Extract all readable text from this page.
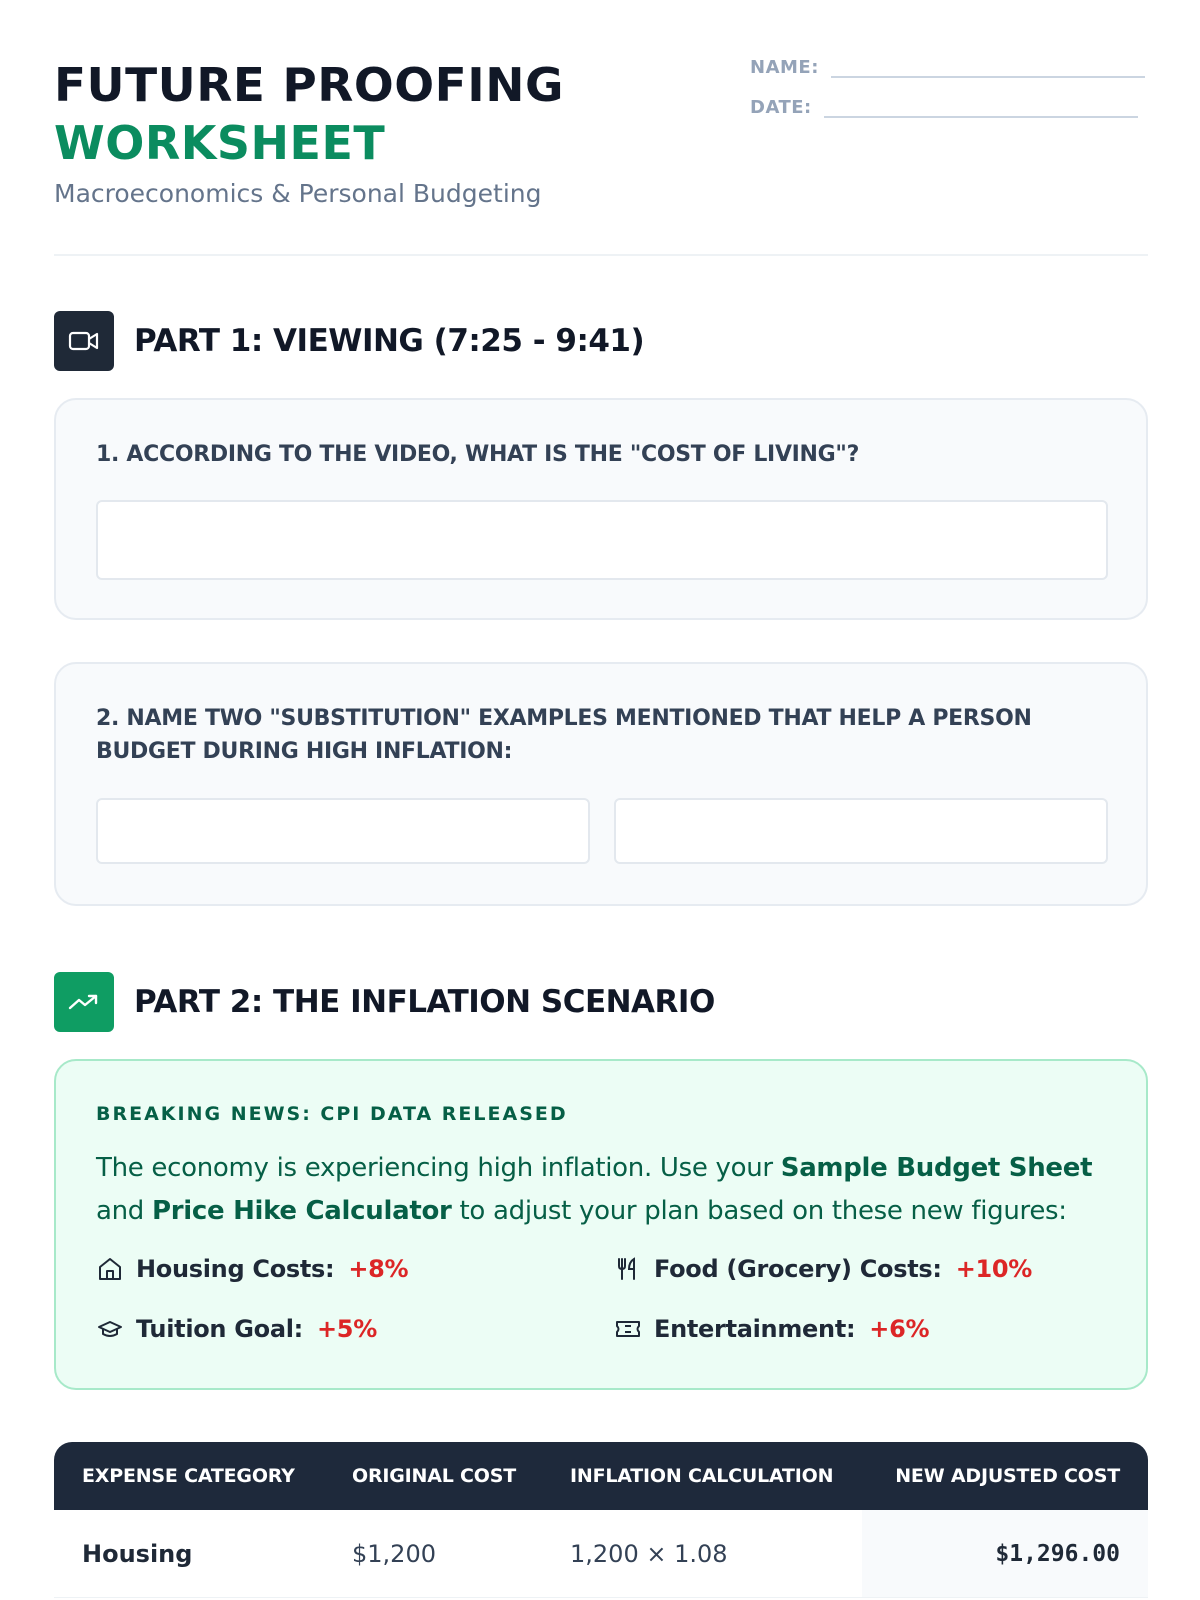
FUTURE PROOFING
WORKSHEET
Macroeconomics & Personal Budgeting
NAME:
DATE:
PART 1: VIEWING (7:25 - 9:41)
1. ACCORDING TO THE VIDEO, WHAT IS THE "COST OF LIVING"?
2. NAME TWO "SUBSTITUTION" EXAMPLES MENTIONED THAT HELP A PERSON BUDGET DURING HIGH INFLATION:
PART 2: THE INFLATION SCENARIO
BREAKING NEWS: CPI DATA RELEASED
The economy is experiencing high inflation. Use your Sample Budget Sheet and Price Hike Calculator to adjust your plan based on these new figures:
Housing Costs: +8%	Food (Grocery) Costs: +10%
Tuition Goal: +5%	Entertainment: +6%
EXPENSE CATEGORY	ORIGINAL COST	INFLATION CALCULATION	NEW ADJUSTED COST
Housing	$1,200	1,200 × 1.08	$1,296.00
